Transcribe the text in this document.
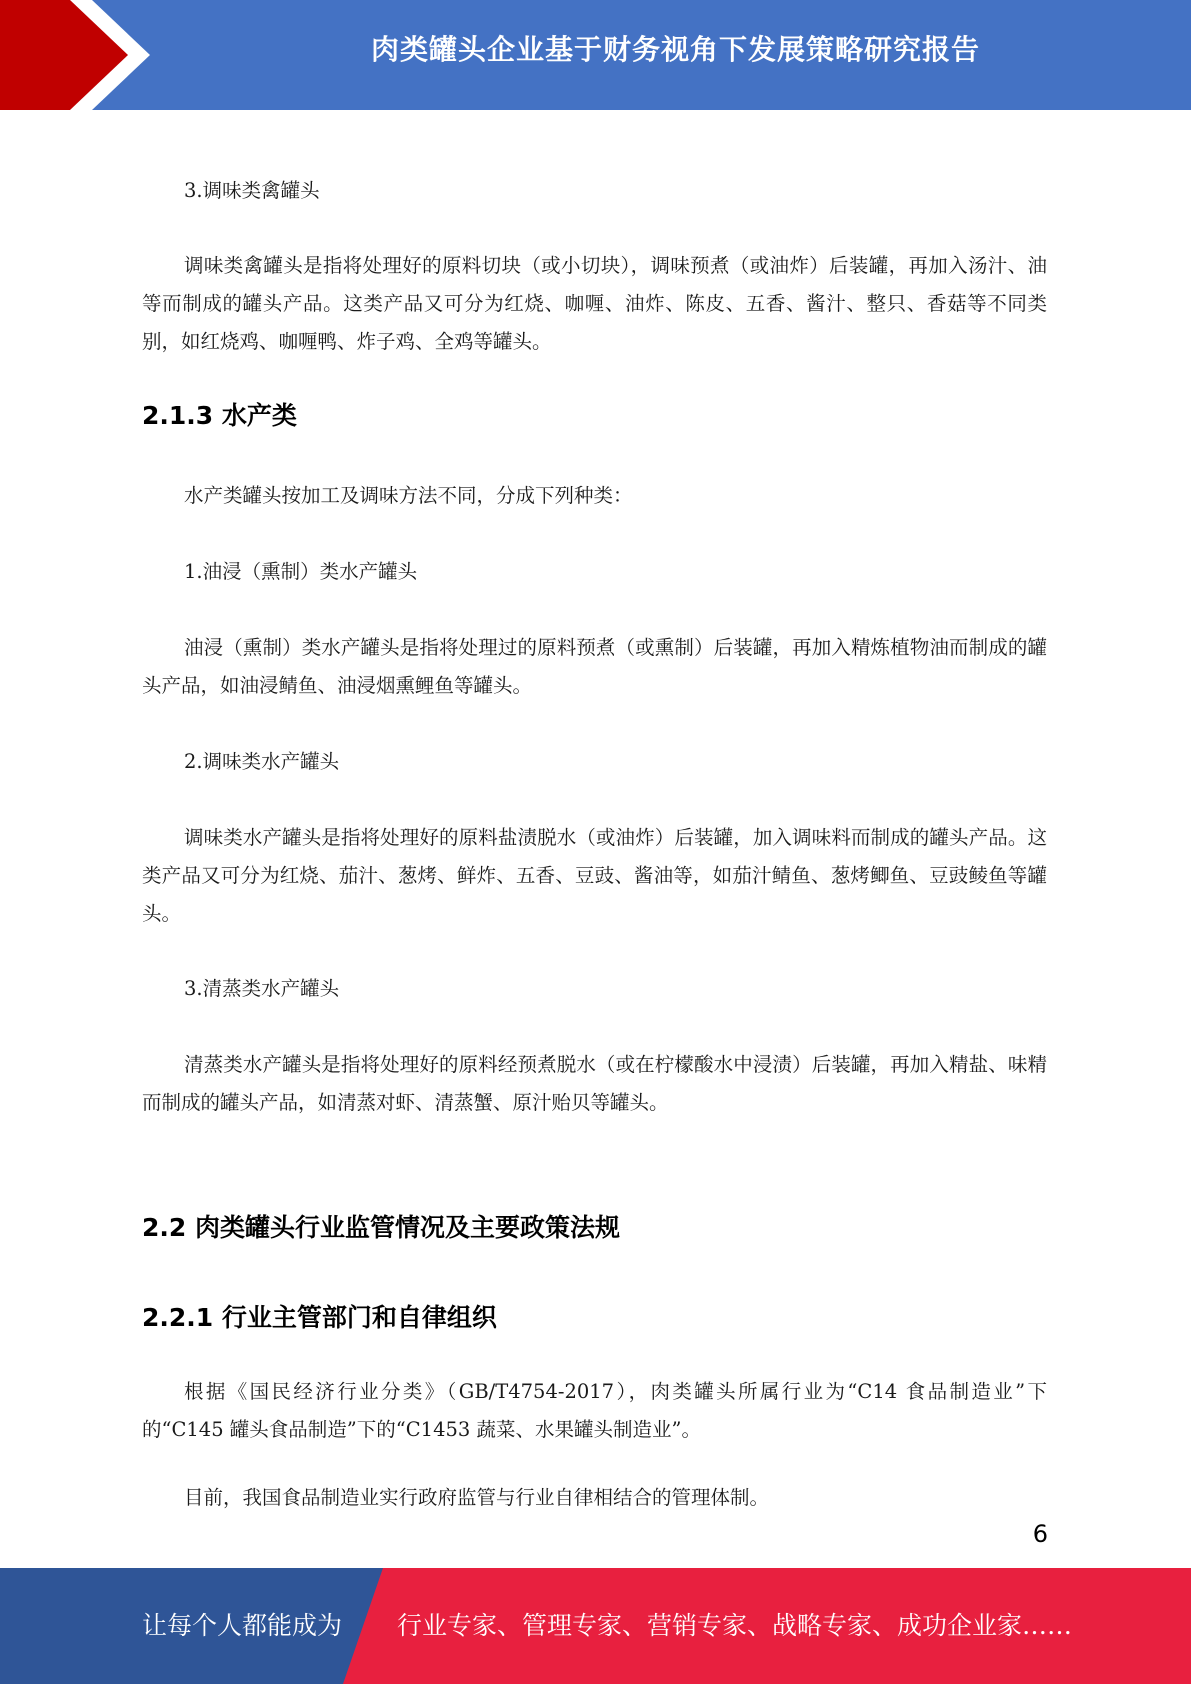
肉类罐头企业基于财务视角下发展策略研究报告

3.调味类禽罐头

调味类禽罐头是指将处理好的原料切块（或小切块），调味预煮（或油炸）后装罐，再加入汤汁、油等而制成的罐头产品。这类产品又可分为红烧、咖喱、油炸、陈皮、五香、酱汁、整只、香菇等不同类别，如红烧鸡、咖喱鸭、炸子鸡、全鸡等罐头。

2.1.3 水产类

水产类罐头按加工及调味方法不同，分成下列种类：

1.油浸（熏制）类水产罐头

油浸（熏制）类水产罐头是指将处理过的原料预煮（或熏制）后装罐，再加入精炼植物油而制成的罐头产品，如油浸鲭鱼、油浸烟熏鲤鱼等罐头。

2.调味类水产罐头

调味类水产罐头是指将处理好的原料盐渍脱水（或油炸）后装罐，加入调味料而制成的罐头产品。这类产品又可分为红烧、茄汁、葱烤、鲜炸、五香、豆豉、酱油等，如茄汁鲭鱼、葱烤鲫鱼、豆豉鲮鱼等罐头。

3.清蒸类水产罐头

清蒸类水产罐头是指将处理好的原料经预煮脱水（或在柠檬酸水中浸渍）后装罐，再加入精盐、味精而制成的罐头产品，如清蒸对虾、清蒸蟹、原汁贻贝等罐头。

2.2 肉类罐头行业监管情况及主要政策法规
2.2.1 行业主管部门和自律组织

根据《国民经济行业分类》（GB/T4754-2017），肉类罐头所属行业为“C14 食品制造业”下的“C145 罐头食品制造”下的“C1453 蔬菜、水果罐头制造业”。

目前，我国食品制造业实行政府监管与行业自律相结合的管理体制。

6
让每个人都能成为 行业专家、管理专家、营销专家、战略专家、成功企业家……
